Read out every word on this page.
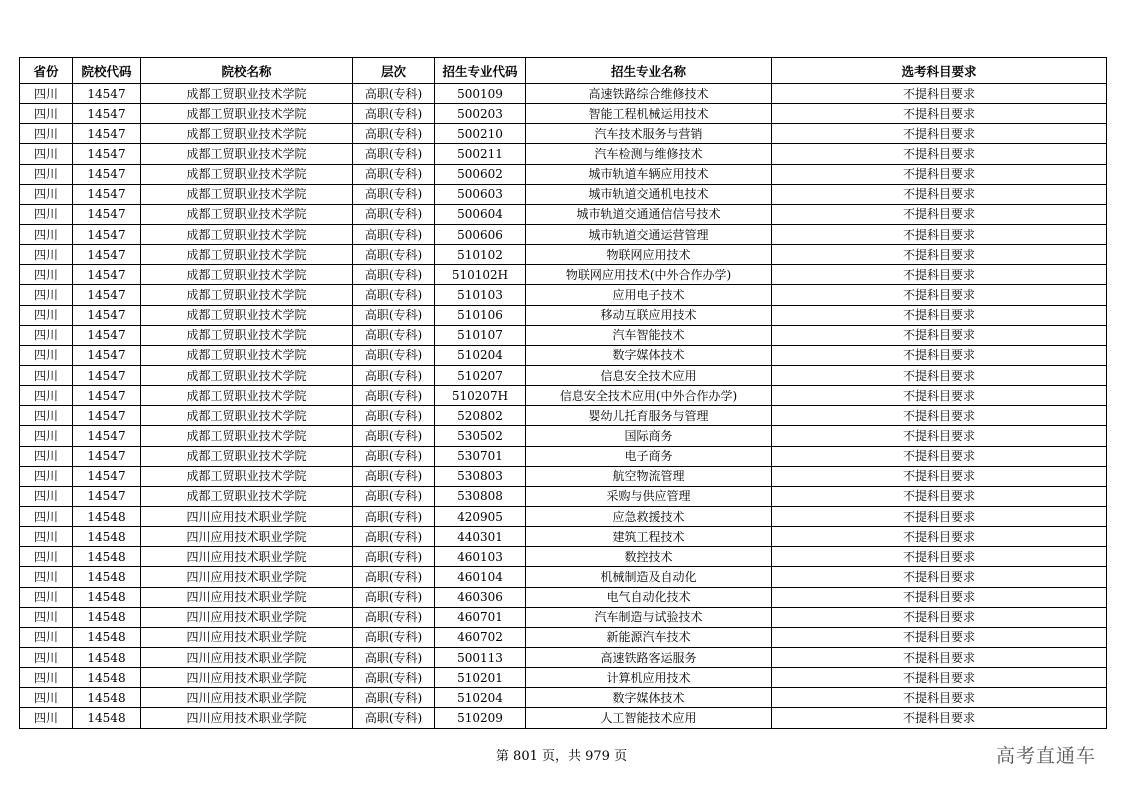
省份	院校代码	院校名称	层次	招生专业代码	招生专业名称	选考科目要求
四川	14547	成都工贸职业技术学院	高职(专科)	500109	高速铁路综合维修技术	不提科目要求
四川	14547	成都工贸职业技术学院	高职(专科)	500203	智能工程机械运用技术	不提科目要求
四川	14547	成都工贸职业技术学院	高职(专科)	500210	汽车技术服务与营销	不提科目要求
四川	14547	成都工贸职业技术学院	高职(专科)	500211	汽车检测与维修技术	不提科目要求
四川	14547	成都工贸职业技术学院	高职(专科)	500602	城市轨道车辆应用技术	不提科目要求
四川	14547	成都工贸职业技术学院	高职(专科)	500603	城市轨道交通机电技术	不提科目要求
四川	14547	成都工贸职业技术学院	高职(专科)	500604	城市轨道交通通信信号技术	不提科目要求
四川	14547	成都工贸职业技术学院	高职(专科)	500606	城市轨道交通运营管理	不提科目要求
四川	14547	成都工贸职业技术学院	高职(专科)	510102	物联网应用技术	不提科目要求
四川	14547	成都工贸职业技术学院	高职(专科)	510102H	物联网应用技术(中外合作办学)	不提科目要求
四川	14547	成都工贸职业技术学院	高职(专科)	510103	应用电子技术	不提科目要求
四川	14547	成都工贸职业技术学院	高职(专科)	510106	移动互联应用技术	不提科目要求
四川	14547	成都工贸职业技术学院	高职(专科)	510107	汽车智能技术	不提科目要求
四川	14547	成都工贸职业技术学院	高职(专科)	510204	数字媒体技术	不提科目要求
四川	14547	成都工贸职业技术学院	高职(专科)	510207	信息安全技术应用	不提科目要求
四川	14547	成都工贸职业技术学院	高职(专科)	510207H	信息安全技术应用(中外合作办学)	不提科目要求
四川	14547	成都工贸职业技术学院	高职(专科)	520802	婴幼儿托育服务与管理	不提科目要求
四川	14547	成都工贸职业技术学院	高职(专科)	530502	国际商务	不提科目要求
四川	14547	成都工贸职业技术学院	高职(专科)	530701	电子商务	不提科目要求
四川	14547	成都工贸职业技术学院	高职(专科)	530803	航空物流管理	不提科目要求
四川	14547	成都工贸职业技术学院	高职(专科)	530808	采购与供应管理	不提科目要求
四川	14548	四川应用技术职业学院	高职(专科)	420905	应急救援技术	不提科目要求
四川	14548	四川应用技术职业学院	高职(专科)	440301	建筑工程技术	不提科目要求
四川	14548	四川应用技术职业学院	高职(专科)	460103	数控技术	不提科目要求
四川	14548	四川应用技术职业学院	高职(专科)	460104	机械制造及自动化	不提科目要求
四川	14548	四川应用技术职业学院	高职(专科)	460306	电气自动化技术	不提科目要求
四川	14548	四川应用技术职业学院	高职(专科)	460701	汽车制造与试验技术	不提科目要求
四川	14548	四川应用技术职业学院	高职(专科)	460702	新能源汽车技术	不提科目要求
四川	14548	四川应用技术职业学院	高职(专科)	500113	高速铁路客运服务	不提科目要求
四川	14548	四川应用技术职业学院	高职(专科)	510201	计算机应用技术	不提科目要求
四川	14548	四川应用技术职业学院	高职(专科)	510204	数字媒体技术	不提科目要求
四川	14548	四川应用技术职业学院	高职(专科)	510209	人工智能技术应用	不提科目要求
第 801 页，共 979 页	高考直通车
